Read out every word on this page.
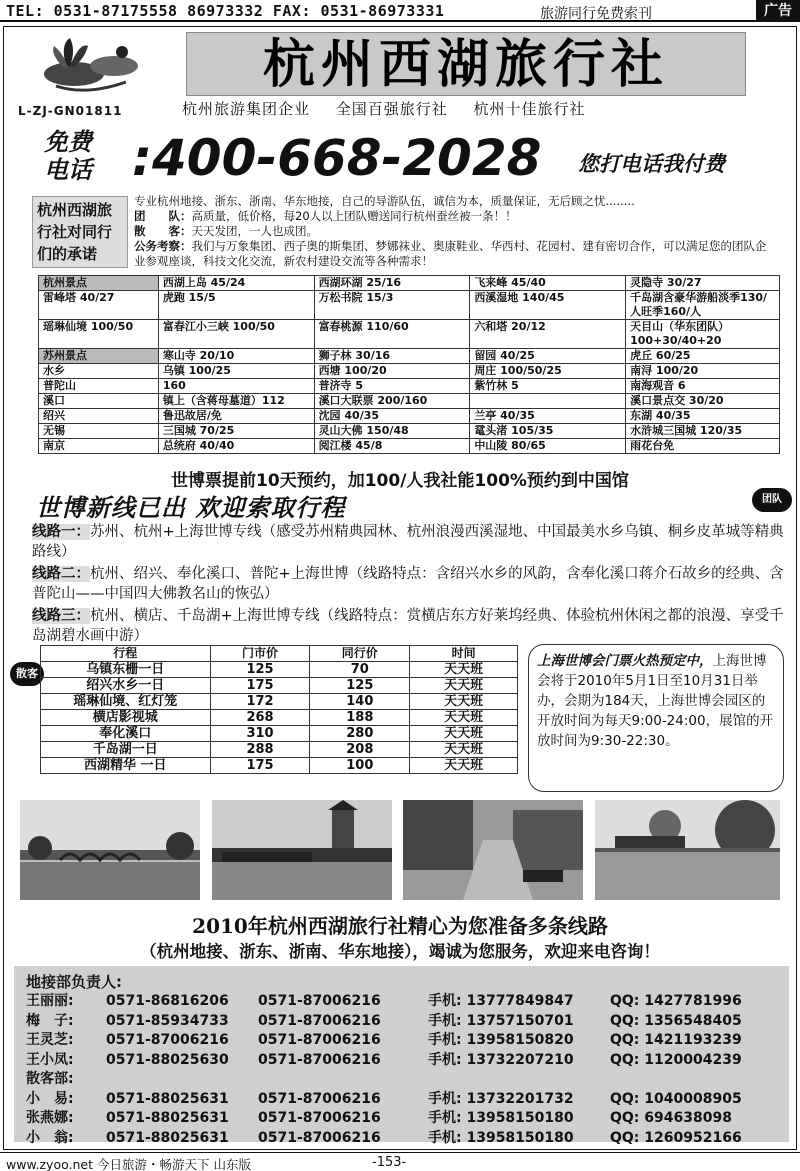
TEL: 0531-87175558 86973332 FAX: 0531-86973331	旅游同行免费索刊	广告
L-ZJ-GN01811
杭州西湖旅行社
杭州旅游集团企业 全国百强旅行社 杭州十佳旅行社
免费
电话 :400-668-2028 您打电话我付费
杭州西湖旅行社对同行们的承诺
专业杭州地接、浙东、浙南、华东地接，自己的导游队伍，诚信为本，质量保证，无后顾之忧........
团　　队：高质量，低价格，每20人以上团队赠送同行杭州蚕丝被一条！！
散　　客：天天发团，一人也成团。
公务考察：我们与万象集团、西子奥的斯集团、梦娜袜业、奥康鞋业、华西村、花园村、建有密切合作，可以满足您的团队企业参观座谈，科技文化交流，新农村建设交流等各种需求！
杭州景点	西湖上岛 45/24	西湖环湖 25/16	飞来峰 45/40	灵隐寺 30/27
雷峰塔 40/27	虎跑 15/5	万松书院 15/3	西溪湿地 140/45	千岛湖含豪华游船淡季130/人旺季160/人
瑶琳仙境 100/50	富春江小三峡 100/50	富春桃源 110/60	六和塔 20/12	天目山（华东团队）100+30/40+20
苏州景点	寒山寺 20/10	狮子林 30/16	留园 40/25	虎丘 60/25
水乡	乌镇 100/25	西塘 100/20	周庄 100/50/25	南浔 100/20
普陀山	160	普济寺 5	紫竹林 5	南海观音 6
溪口	镇上（含蒋母墓道）112	溪口大联票 200/160		溪口景点交 30/20
绍兴	鲁迅故居/免	沈园 40/35	兰亭 40/35	东湖 40/35
无锡	三国城 70/25	灵山大佛 150/48	鼋头渚 105/35	水浒城三国城 120/35
南京	总统府 40/40	阅江楼 45/8	中山陵 80/65	雨花台免
世博票提前10天预约，加100/人我社能100%预约到中国馆
世博新线已出 欢迎索取行程	团队
线路一：苏州、杭州+上海世博专线（感受苏州精典园林、杭州浪漫西溪湿地、中国最美水乡乌镇、桐乡皮革城等精典路线）
线路二：杭州、绍兴、奉化溪口、普陀+上海世博（线路特点：含绍兴水乡的风韵，含奉化溪口蒋介石故乡的经典、含普陀山——中国四大佛教名山的恢弘）
线路三：杭州、横店、千岛湖+上海世博专线（线路特点：赏横店东方好莱坞经典、体验杭州休闲之都的浪漫、享受千岛湖碧水画中游）
散客
行程	门市价	同行价	时间
乌镇东栅一日	125	70	天天班
绍兴水乡一日	175	125	天天班
瑶琳仙境、红灯笼	172	140	天天班
横店影视城	268	188	天天班
奉化溪口	310	280	天天班
千岛湖一日	288	208	天天班
西湖精华 一日	175	100	天天班
上海世博会门票火热预定中，上海世博会将于2010年5月1日至10月31日举办，会期为184天，上海世博会园区的开放时间为每天9:00-24:00，展馆的开放时间为9:30-22:30。
2010年杭州西湖旅行社精心为您准备多条线路
（杭州地接、浙东、浙南、华东地接），竭诚为您服务，欢迎来电咨询！
地接部负责人:
王丽丽: 0571-86816206 0571-87006216	手机: 13777849847	QQ: 1427781996
梅　子: 0571-85934733 0571-87006216	手机: 13757150701	QQ: 1356548405
王灵芝: 0571-87006216 0571-87006216	手机: 13958150820	QQ: 1421193239
王小凤: 0571-88025630 0571-87006216	手机: 13732207210	QQ: 1120004239
散客部:
小　易: 0571-88025631 0571-87006216	手机: 13732201732	QQ: 1040008905
张燕娜: 0571-88025631 0571-87006216	手机: 13958150180	QQ: 694638098
小　翁: 0571-88025631 0571-87006216	手机: 13958150180	QQ: 1260952166
www.zyoo.net 今日旅游・畅游天下 山东版	-153-
